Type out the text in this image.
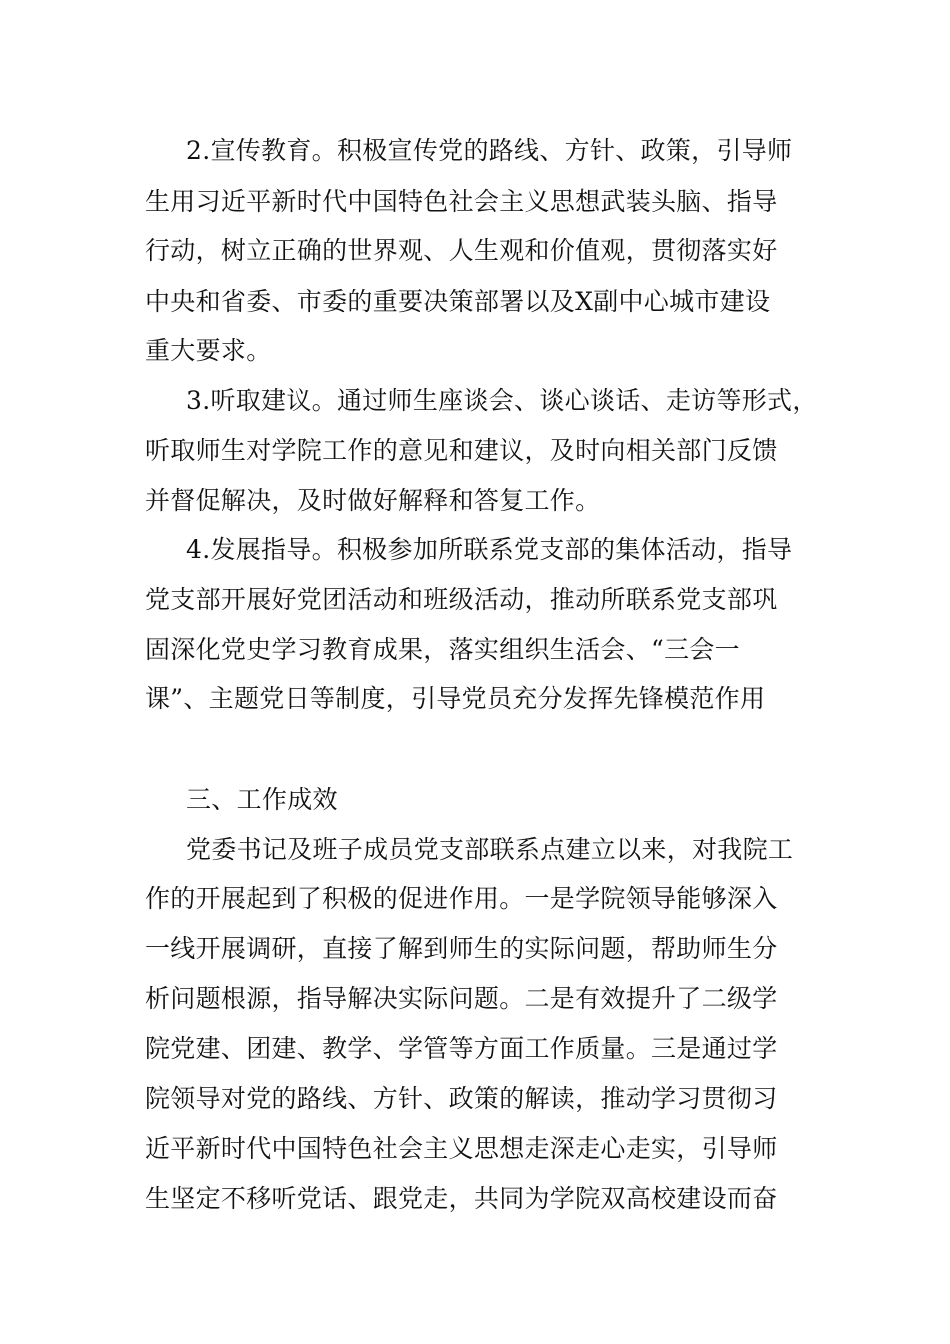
2.宣传教育。积极宣传党的路线、方针、政策，引导师
生用习近平新时代中国特色社会主义思想武装头脑、指导
行动，树立正确的世界观、人生观和价值观，贯彻落实好
中央和省委、市委的重要决策部署以及X副中心城市建设
重大要求。
3.听取建议。通过师生座谈会、谈心谈话、走访等形式，
听取师生对学院工作的意见和建议，及时向相关部门反馈
并督促解决，及时做好解释和答复工作。
4.发展指导。积极参加所联系党支部的集体活动，指导
党支部开展好党团活动和班级活动，推动所联系党支部巩
固深化党史学习教育成果，落实组织生活会、“三会一
课”、主题党日等制度，引导党员充分发挥先锋模范作用
三、工作成效
党委书记及班子成员党支部联系点建立以来，对我院工
作的开展起到了积极的促进作用。一是学院领导能够深入
一线开展调研，直接了解到师生的实际问题，帮助师生分
析问题根源，指导解决实际问题。二是有效提升了二级学
院党建、团建、教学、学管等方面工作质量。三是通过学
院领导对党的路线、方针、政策的解读，推动学习贯彻习
近平新时代中国特色社会主义思想走深走心走实，引导师
生坚定不移听党话、跟党走，共同为学院双高校建设而奋
